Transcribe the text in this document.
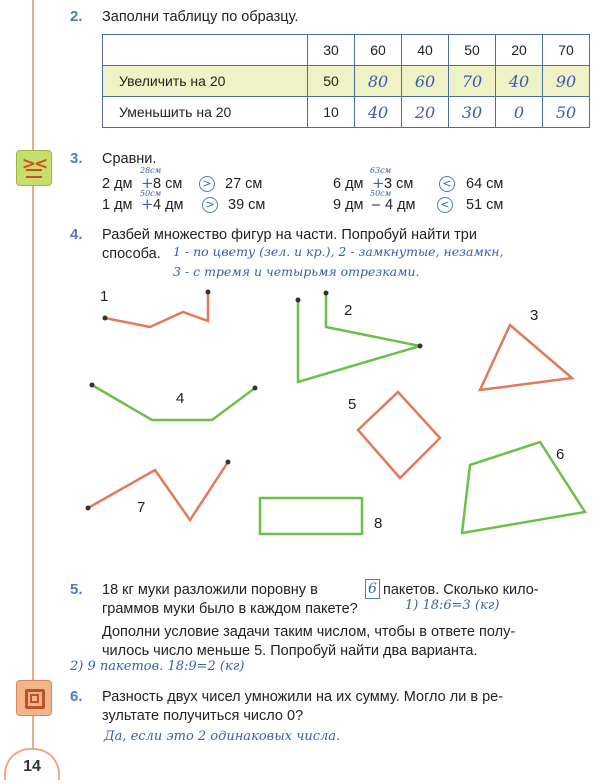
2. Заполни таблицу по образцу.
	30	60	40	50	20	70
Увеличить на 20	50	80	60	70	40	90
Уменьшить на 20	10	40	20	30	0	50
><	3. Сравни.
28см
2 дм + 8 см	> 27 см
50см
1 дм + 4 дм	> 39 см
63см
6 дм + 3 см	< 64 см
50см
9 дм – 4 дм	< 51 см
4. Разбей множество фигур на части. Попробуй найти три
способа. 1 - по цвету (зел. и кр.), 2 - замкнутые, незамкн,
3 - с тремя и четырьмя отрезками.
1
2	3
4	5
6
7
8
5. 18 кг муки разложили поровну в	6 пакетов. Сколько кило-
граммов муки было в каждом пакете?	1) 18:6=3 (кг)
Дополни условие задачи таким числом, чтобы в ответе полу-
чилось число меньше 5. Попробуй найти два варианта.
2) 9 пакетов. 18:9=2 (кг)
6. Разность двух чисел умножили на их сумму. Могло ли в ре-
зультате получиться число 0?
Да, если это 2 одинаковых числа.
14
